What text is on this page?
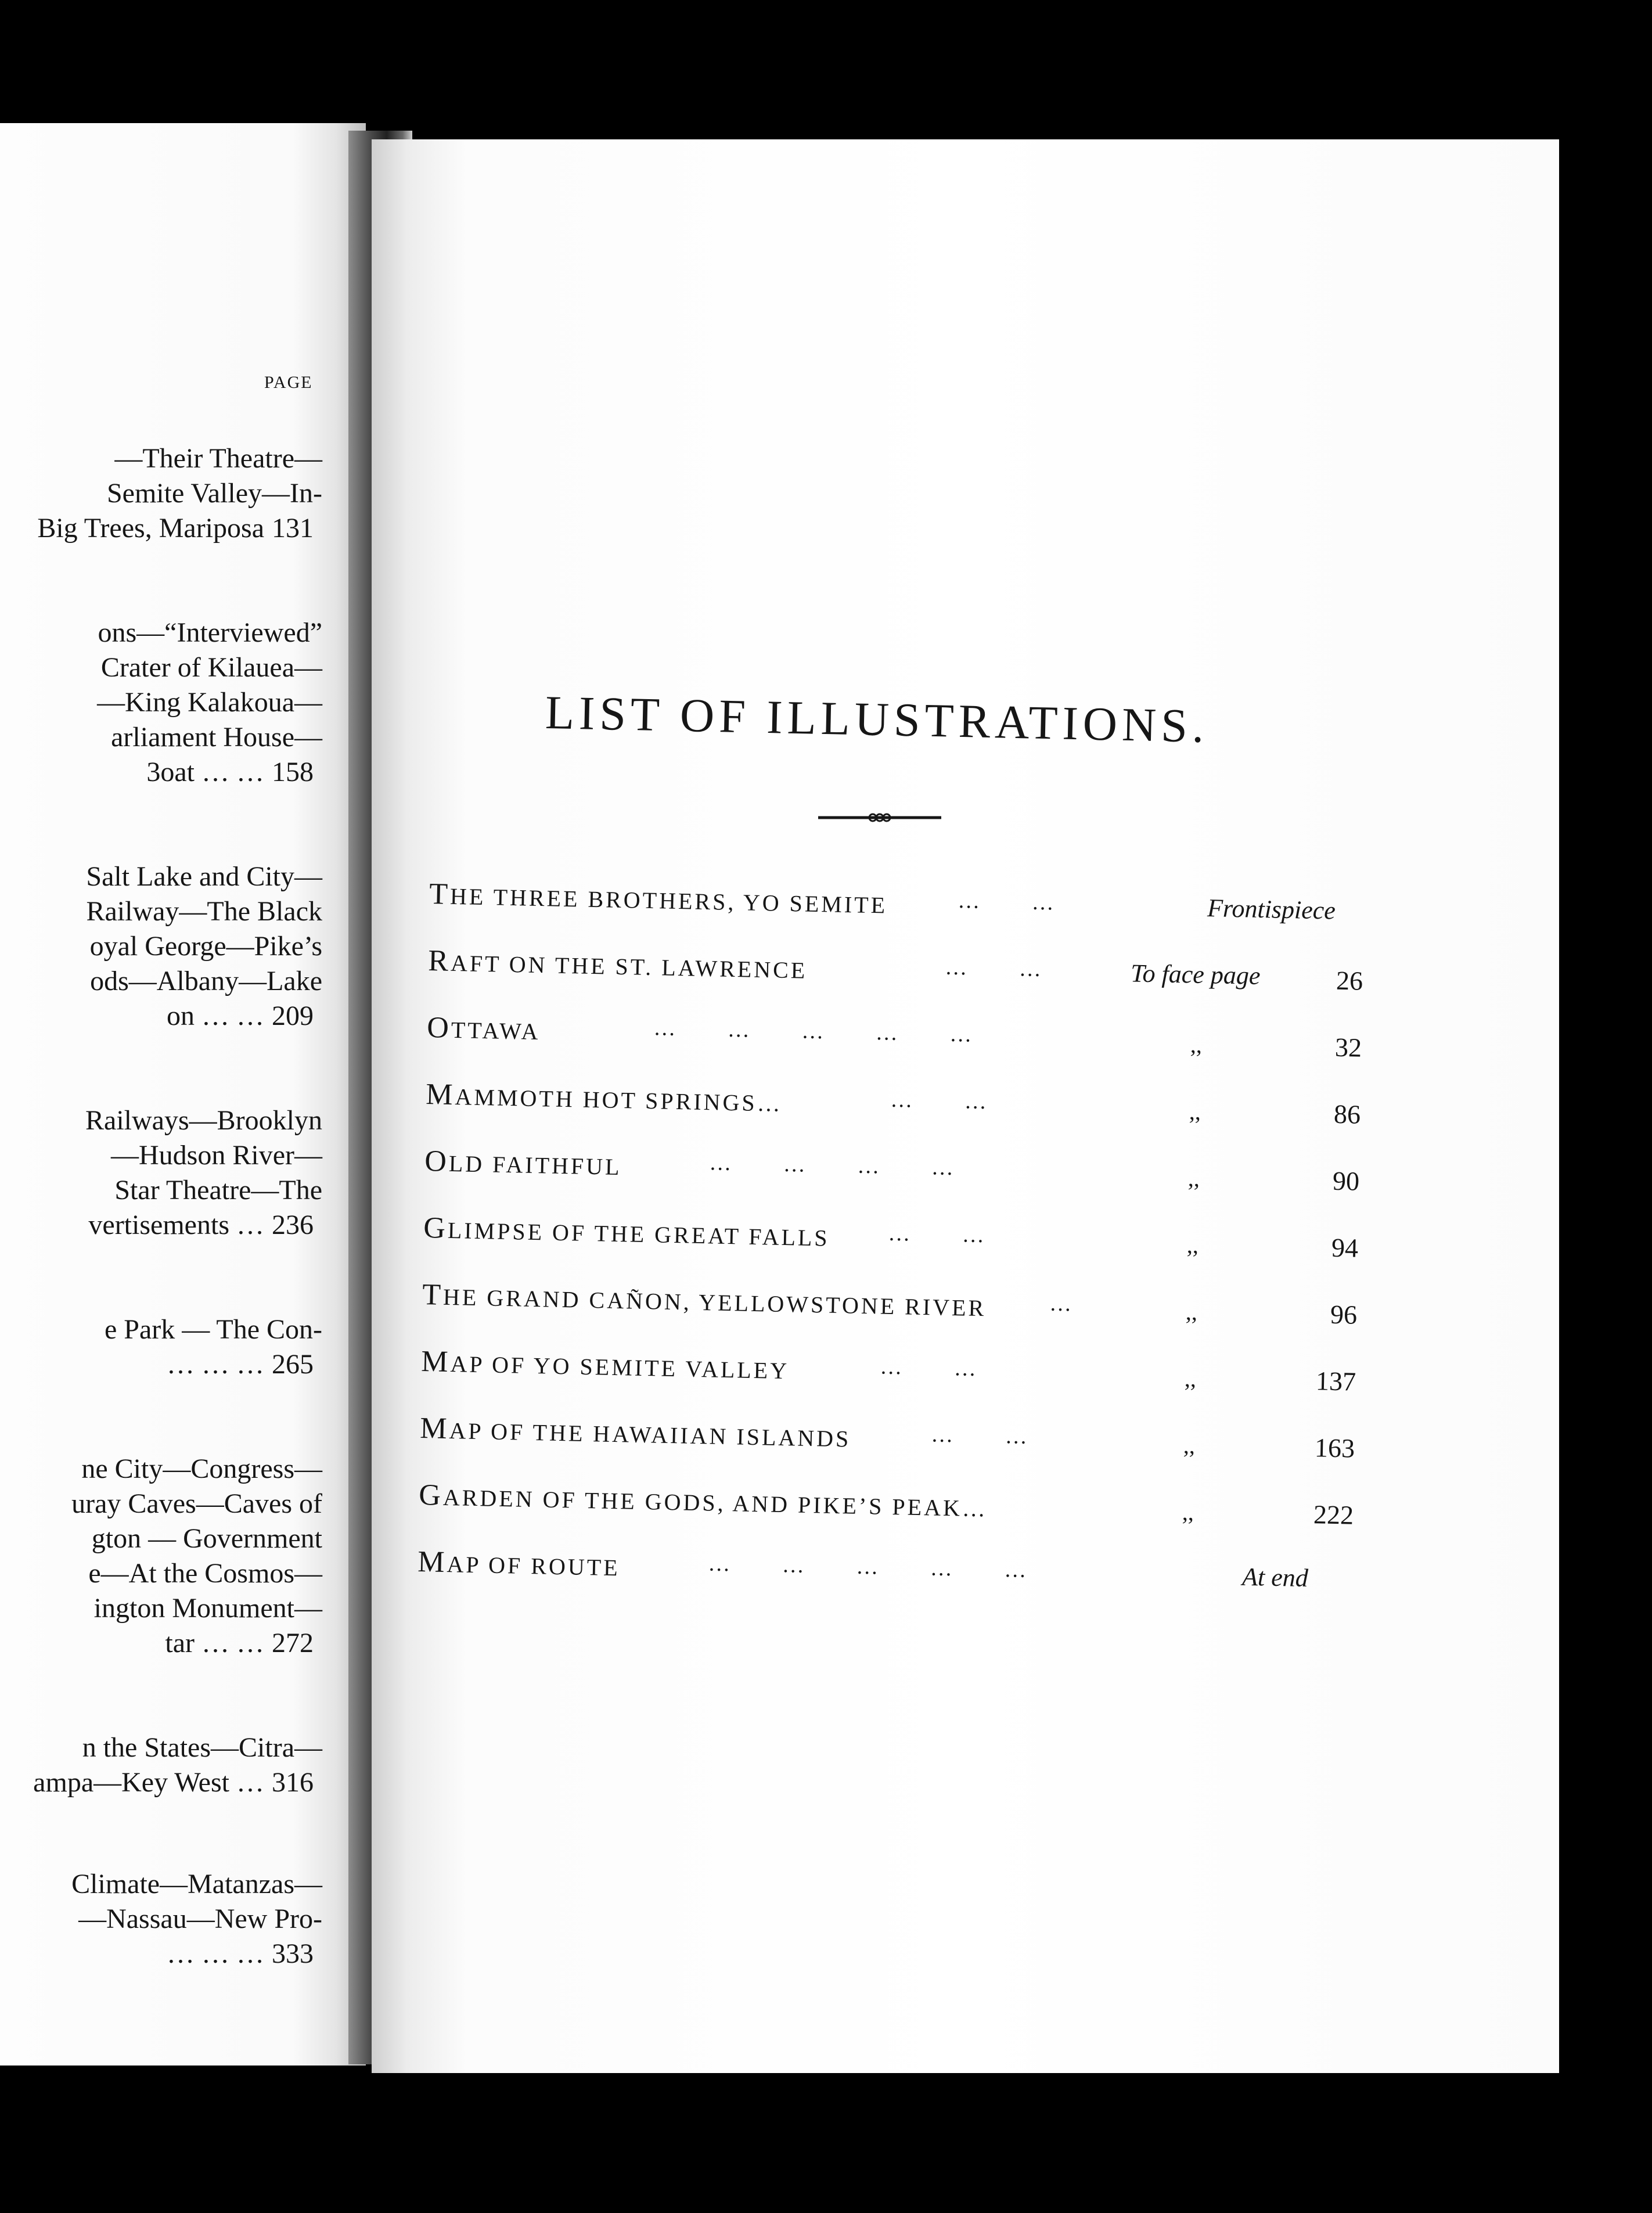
PAGE
—Their Theatre—
Semite Valley—In-
Big Trees, Mariposa 131
ons—“Interviewed”
Crater of Kilauea—
—King Kalakoua—
arliament House—
3oat … … 158
Salt Lake and City—
Railway—The Black
oyal George—Pike’s
ods—Albany—Lake
on … … 209
Railways—Brooklyn
—Hudson River—
Star Theatre—The
vertisements … 236
e Park — The Con-
… … … 265
ne City—Congress—
uray Caves—Caves of
gton — Government
e—At the Cosmos—
ington Monument—
tar … … 272
n the States—Citra—
ampa—Key West … 316
Climate—Matanzas—
—Nassau—New Pro-
… … … 333
LIST OF ILLUSTRATIONS.
THE THREE BROTHERS, YO SEMITE	… …	Frontispiece
RAFT ON THE ST. LAWRENCE	… …	To face page	26
OTTAWA	… … … … …	,,	32
MAMMOTH HOT SPRINGS…	… …	,,	86
OLD FAITHFUL	… … … …	,,	90
GLIMPSE OF THE GREAT FALLS	… …	,,	94
THE GRAND CAÑON, YELLOWSTONE RIVER	…	,,	96
MAP OF YO SEMITE VALLEY	… …	,,	137
MAP OF THE HAWAIIAN ISLANDS	… …	,,	163
GARDEN OF THE GODS, AND PIKE’S PEAK…	,,	222
MAP OF ROUTE	… … … … …	At end
